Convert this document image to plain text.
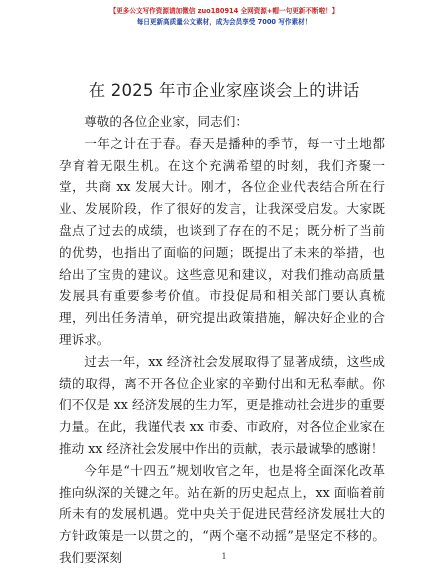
【更多公文写作资源请加微信 zuo180914 全网资源+帽一句更新不断啦！】
每日更新高质量公文素材，成为会员享受 7000 写作素材！
在 2025 年市企业家座谈会上的讲话

尊敬的各位企业家，同志们：

一年之计在于春。春天是播种的季节，每一寸土地都孕育着无限生机。在这个充满希望的时刻，我们齐聚一堂，共商 xx 发展大计。刚才，各位企业代表结合所在行业、发展阶段，作了很好的发言，让我深受启发。大家既盘点了过去的成绩，也谈到了存在的不足；既分析了当前的优势，也指出了面临的问题；既提出了未来的举措，也给出了宝贵的建议。这些意见和建议，对我们推动高质量发展具有重要参考价值。市投促局和相关部门要认真梳理，列出任务清单，研究提出政策措施，解决好企业的合理诉求。

过去一年，xx 经济社会发展取得了显著成绩，这些成绩的取得，离不开各位企业家的辛勤付出和无私奉献。你们不仅是 xx 经济发展的生力军，更是推动社会进步的重要力量。在此，我谨代表 xx 市委、市政府，对各位企业家在推动 xx 经济社会发展中作出的贡献，表示最诚挚的感谢！

今年是“十四五”规划收官之年，也是将全面深化改革推向纵深的关键之年。站在新的历史起点上，xx 面临着前所未有的发展机遇。党中央关于促进民营经济发展壮大的方针政策是一以贯之的，“两个毫不动摇”是坚定不移的。我们要深刻	1
